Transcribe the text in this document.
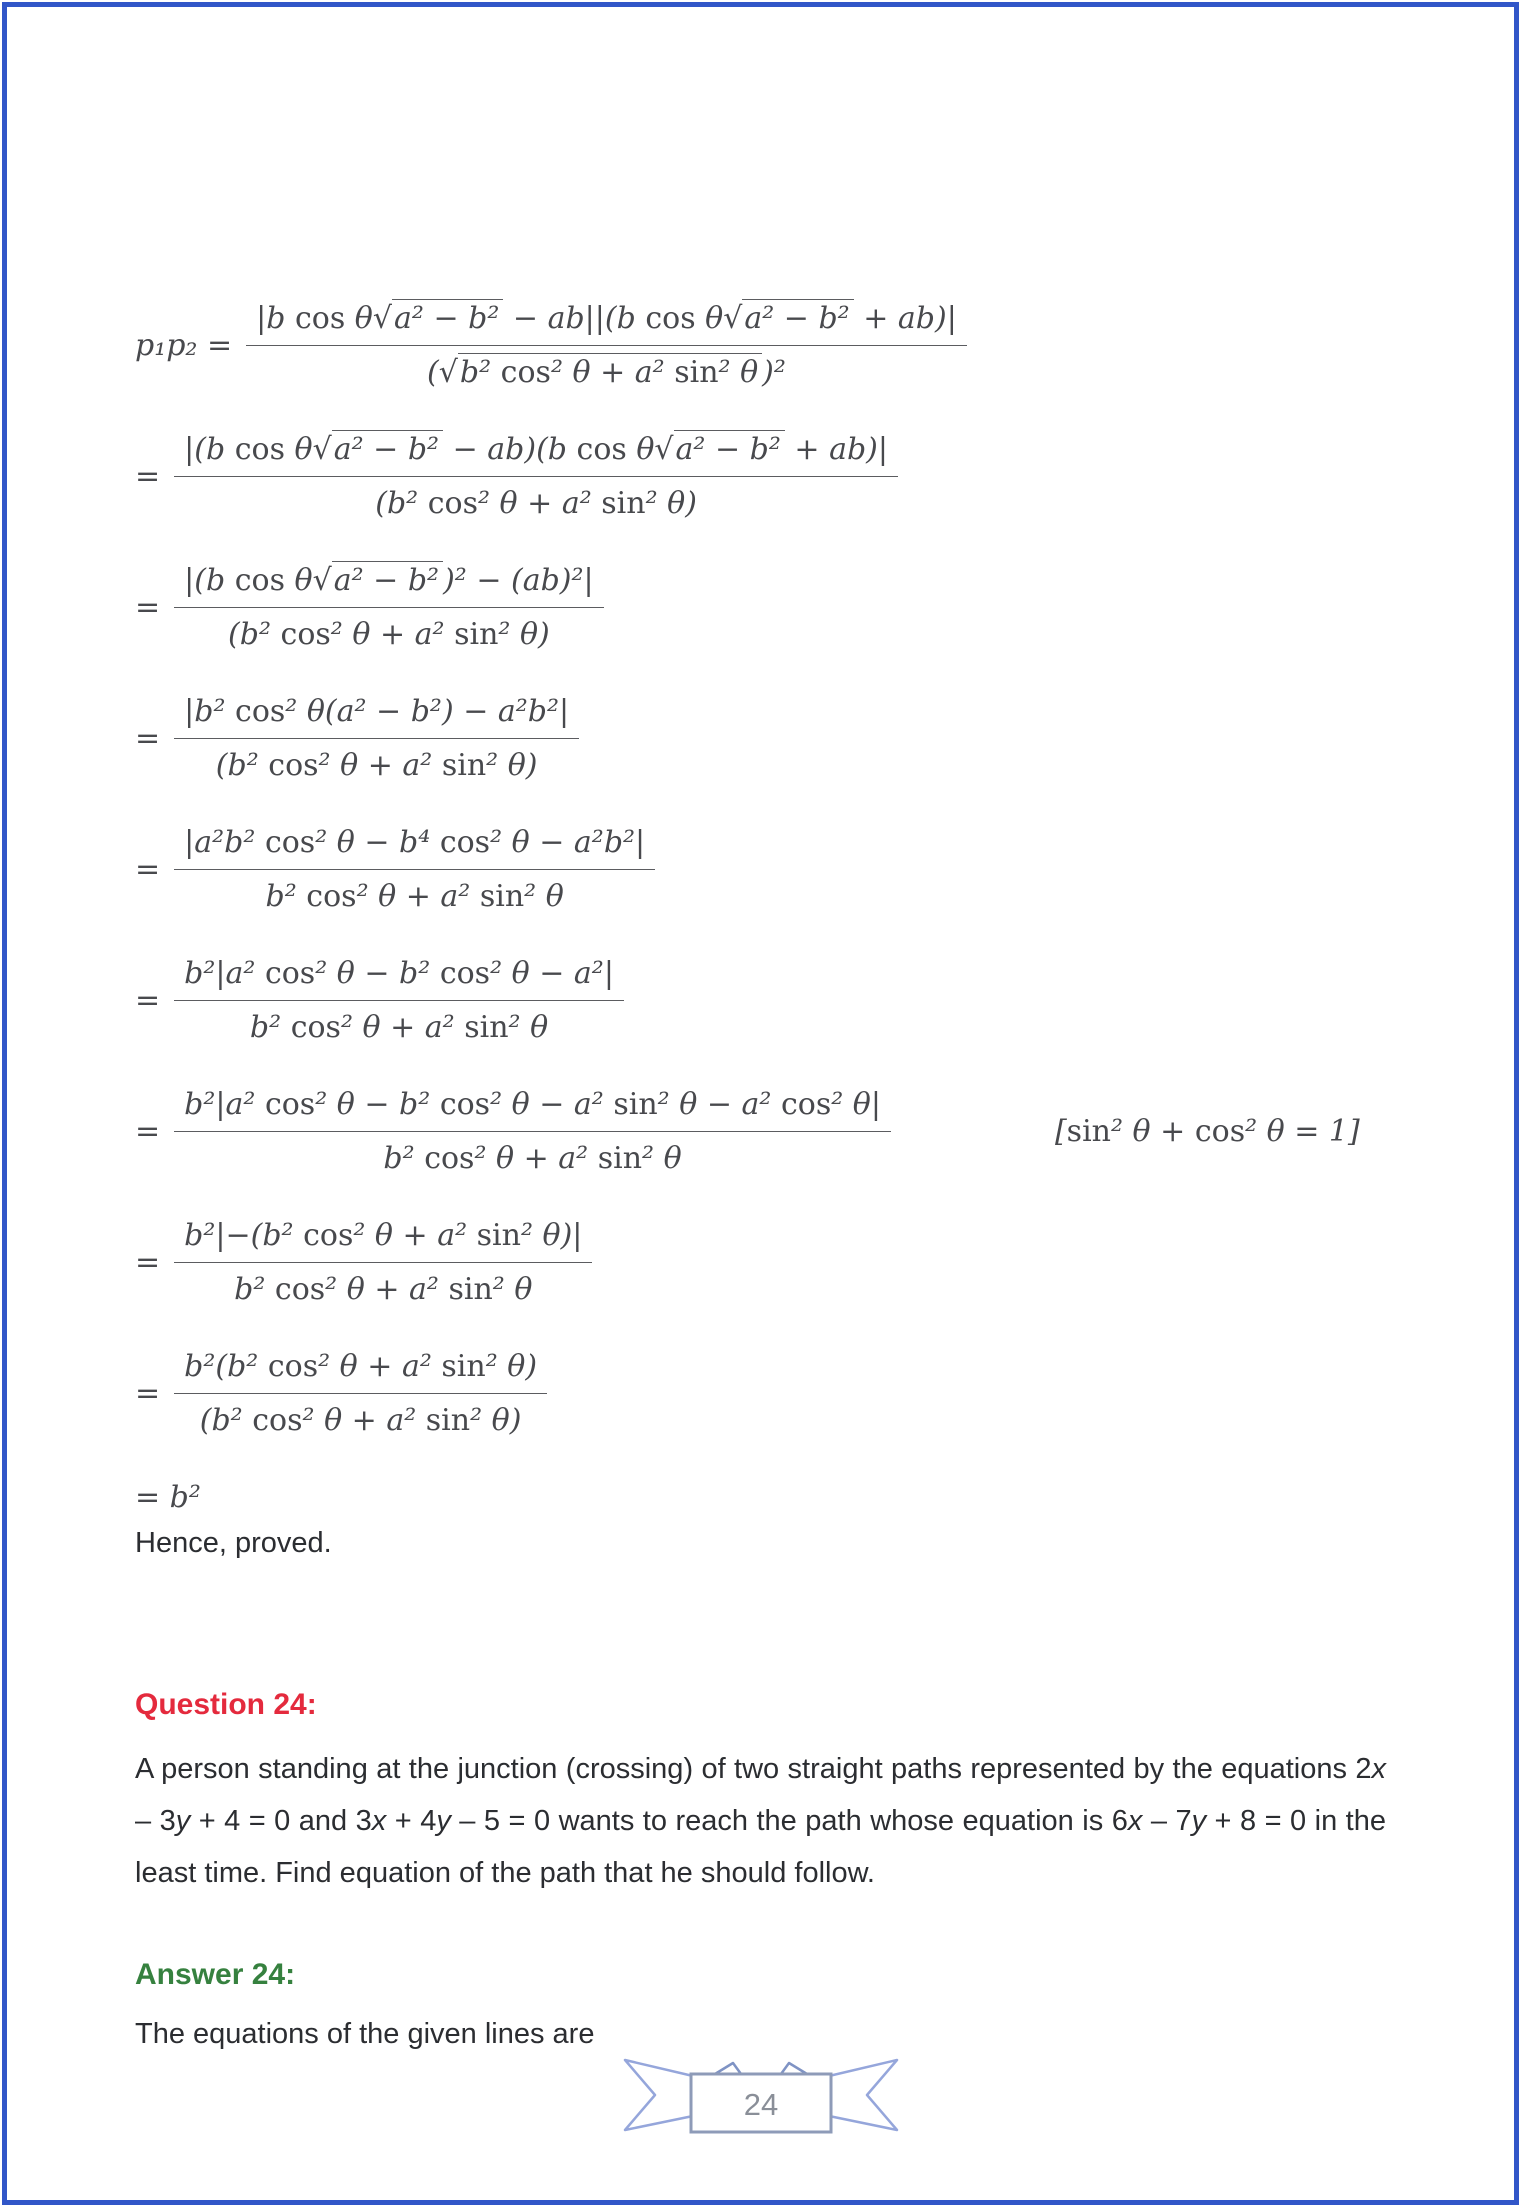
$p_1p_2 = \frac{\text{|b cos θ √ a² − b² − ab||(b cos θ √ a² − b² + ab)|}}{\text{( √ b² cos² θ + a² sin² θ )²}}$
= $\frac{\text{|(b cos θ √ a² − b² − ab)(b cos θ √ a² − b² + ab)|}}{\text{(b² cos² θ + a² sin² θ)}}$
= $\frac{\text{|(b cos θ √ a² − b² )² − (ab)²|}}{\text{(b² cos² θ + a² sin² θ)}}$
= $\frac{\text{|b² cos² θ(a² − b²) − a²b²|}}{\text{(b² cos² θ + a² sin² θ)}}$
= $\frac{\text{|a²b² cos² θ − b⁴ cos² θ − a²b²|}}{\text{b² cos² θ + a² sin² θ}}$
= $\frac{\text{b²|a² cos² θ − b² cos² θ − a²|}}{\text{b² cos² θ + a² sin² θ}}$
= $\frac{\text{b²|a² cos² θ − b² cos² θ − a² sin² θ − a² cos² θ|}}{\text{b² cos² θ + a² sin² θ}}$	[sin² θ + cos² θ = 1]
= $\frac{\text{b²|−(b² cos² θ + a² sin² θ)|}}{\text{b² cos² θ + a² sin² θ}}$
= $\frac{\text{b²(b² cos² θ + a² sin² θ)}}{\text{(b² cos² θ + a² sin² θ)}}$
= b²

Hence, proved.

Question 24:

A person standing at the junction (crossing) of two straight paths represented by the equations 2x – 3y + 4 = 0 and 3x + 4y – 5 = 0 wants to reach the path whose equation is 6x – 7y + 8 = 0 in the least time. Find equation of the path that he should follow.

Answer 24:

The equations of the given lines are

24
